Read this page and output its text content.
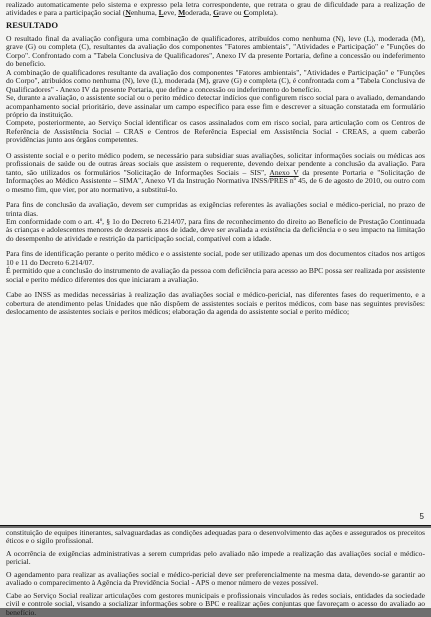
realizado automaticamente pelo sistema e expresso pela letra correspondente, que retrata o grau de dificuldade para a realização de atividades e para a participação social (Nenhuma, Leve, Moderada, Grave ou Completa).

RESULTADO

O resultado final da avaliação configura uma combinação de qualificadores, atribuídos como nenhuma (N), leve (L), moderada (M), grave (G) ou completa (C), resultantes da avaliação dos componentes "Fatores ambientais", "Atividades e Participação" e "Funções do Corpo". Confrontado com a "Tabela Conclusiva de Qualificadores", Anexo IV da presente Portaria, define a concessão ou indeferimento do benefício.

A combinação de qualificadores resultante da avaliação dos componentes "Fatores ambientais", "Atividades e Participação" e "Funções do Corpo", atribuídos como nenhuma (N), leve (L), moderada (M), grave (G) e completa (C), é confrontada com a "Tabela Conclusiva de Qualificadores" - Anexo IV da presente Portaria, que define a concessão ou indeferimento do benefício.

Se, durante a avaliação, o assistente social ou o perito médico detectar indícios que configurem risco social para o avaliado, demandando acompanhamento social prioritário, deve assinalar um campo específico para esse fim e descrever a situação constatada em formulário próprio da instituição.

Compete, posteriormente, ao Serviço Social identificar os casos assinalados com em risco social, para articulação com os Centros de Referência de Assistência Social – CRAS e Centros de Referência Especial em Assistência Social - CREAS, a quem caberão providências junto aos órgãos competentes.

O assistente social e o perito médico podem, se necessário para subsidiar suas avaliações, solicitar informações sociais ou médicas aos profissionais de saúde ou de outras áreas sociais que assistem o requerente, devendo deixar pendente a conclusão da avaliação. Para tanto, são utilizados os formulários "Solicitação de Informações Sociais – SIS", Anexo V da presente Portaria e "Solicitação de Informações ao Médico Assistente – SIMA", Anexo VI da Instrução Normativa INSS/PRES nº 45, de 6 de agosto de 2010, ou outro com o mesmo fim, que vier, por ato normativo, a substituí-lo.

Para fins de conclusão da avaliação, devem ser cumpridas as exigências referentes às avaliações social e médico-pericial, no prazo de trinta dias.

Em conformidade com o art. 4º, § 1o do Decreto 6.214/07, para fins de reconhecimento do direito ao Benefício de Prestação Continuada às crianças e adolescentes menores de dezesseis anos de idade, deve ser avaliada a existência da deficiência e o seu impacto na limitação do desempenho de atividade e restrição da participação social, compatível com a idade.

Para fins de identificação perante o perito médico e o assistente social, pode ser utilizado apenas um dos documentos citados nos artigos 10 e 11 do Decreto 6.214/07.

É permitido que a conclusão do instrumento de avaliação da pessoa com deficiência para acesso ao BPC possa ser realizada por assistente social e perito médico diferentes dos que iniciaram a avaliação.

Cabe ao INSS as medidas necessárias à realização das avaliações social e médico-pericial, nas diferentes fases do requerimento, e a cobertura de atendimento pelas Unidades que não dispõem de assistentes sociais e peritos médicos, com base nas seguintes previsões: deslocamento de assistentes sociais e peritos médicos; elaboração da agenda do assistente social e perito médico;

5

constituição de equipes itinerantes, salvaguardadas as condições adequadas para o desenvolvimento das ações e assegurados os preceitos éticos e o sigilo profissional.

A ocorrência de exigências administrativas a serem cumpridas pelo avaliado não impede a realização das avaliações social e médico-pericial.

O agendamento para realizar as avaliações social e médico-pericial deve ser preferencialmente na mesma data, devendo-se garantir ao avaliado o comparecimento à Agência da Previdência Social - APS o menor número de vezes possível.

Cabe ao Serviço Social realizar articulações com gestores municipais e profissionais vinculados às redes sociais, entidades da sociedade civil e controle social, visando a socializar informações sobre o BPC e realizar ações conjuntas que favoreçam o acesso do avaliado ao benefício.
